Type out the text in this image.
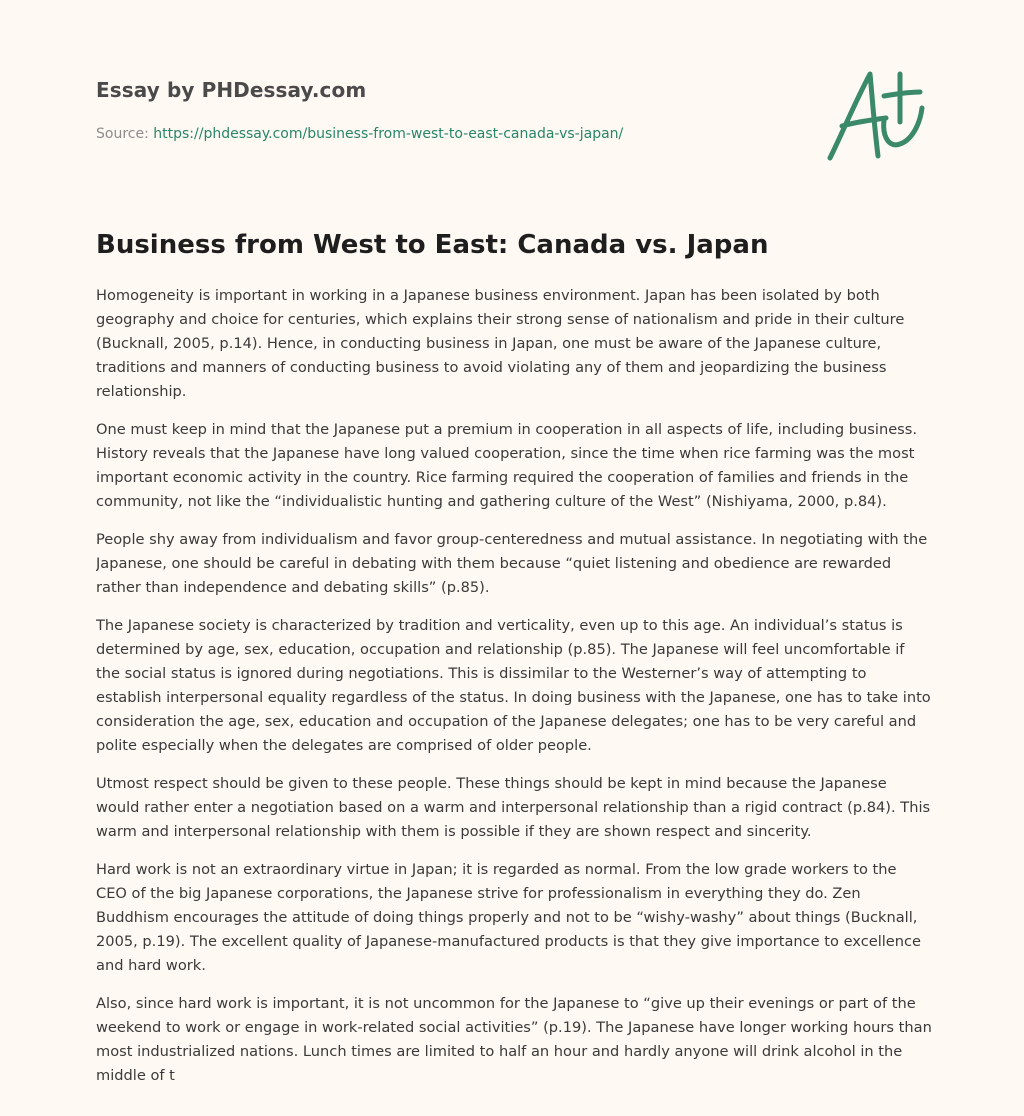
Essay by PHDessay.com
Source: https://phdessay.com/business-from-west-to-east-canada-vs-japan/
Business from West to East: Canada vs. Japan

Homogeneity is important in working in a Japanese business environment. Japan has been isolated by both geography and choice for centuries, which explains their strong sense of nationalism and pride in their culture (Bucknall, 2005, p.14). Hence, in conducting business in Japan, one must be aware of the Japanese culture, traditions and manners of conducting business to avoid violating any of them and jeopardizing the business relationship.

One must keep in mind that the Japanese put a premium in cooperation in all aspects of life, including business. History reveals that the Japanese have long valued cooperation, since the time when rice farming was the most important economic activity in the country. Rice farming required the cooperation of families and friends in the community, not like the “individualistic hunting and gathering culture of the West” (Nishiyama, 2000, p.84).

People shy away from individualism and favor group-centeredness and mutual assistance. In negotiating with the Japanese, one should be careful in debating with them because “quiet listening and obedience are rewarded rather than independence and debating skills” (p.85).

The Japanese society is characterized by tradition and verticality, even up to this age. An individual’s status is determined by age, sex, education, occupation and relationship (p.85). The Japanese will feel uncomfortable if the social status is ignored during negotiations. This is dissimilar to the Westerner’s way of attempting to establish interpersonal equality regardless of the status. In doing business with the Japanese, one has to take into consideration the age, sex, education and occupation of the Japanese delegates; one has to be very careful and polite especially when the delegates are comprised of older people.

Utmost respect should be given to these people. These things should be kept in mind because the Japanese would rather enter a negotiation based on a warm and interpersonal relationship than a rigid contract (p.84). This warm and interpersonal relationship with them is possible if they are shown respect and sincerity.

Hard work is not an extraordinary virtue in Japan; it is regarded as normal. From the low grade workers to the CEO of the big Japanese corporations, the Japanese strive for professionalism in everything they do. Zen Buddhism encourages the attitude of doing things properly and not to be “wishy-washy” about things (Bucknall, 2005, p.19). The excellent quality of Japanese-manufactured products is that they give importance to excellence and hard work.

Also, since hard work is important, it is not uncommon for the Japanese to “give up their evenings or part of the weekend to work or engage in work-related social activities” (p.19). The Japanese have longer working hours than most industrialized nations. Lunch times are limited to half an hour and hardly anyone will drink alcohol in the middle of t
